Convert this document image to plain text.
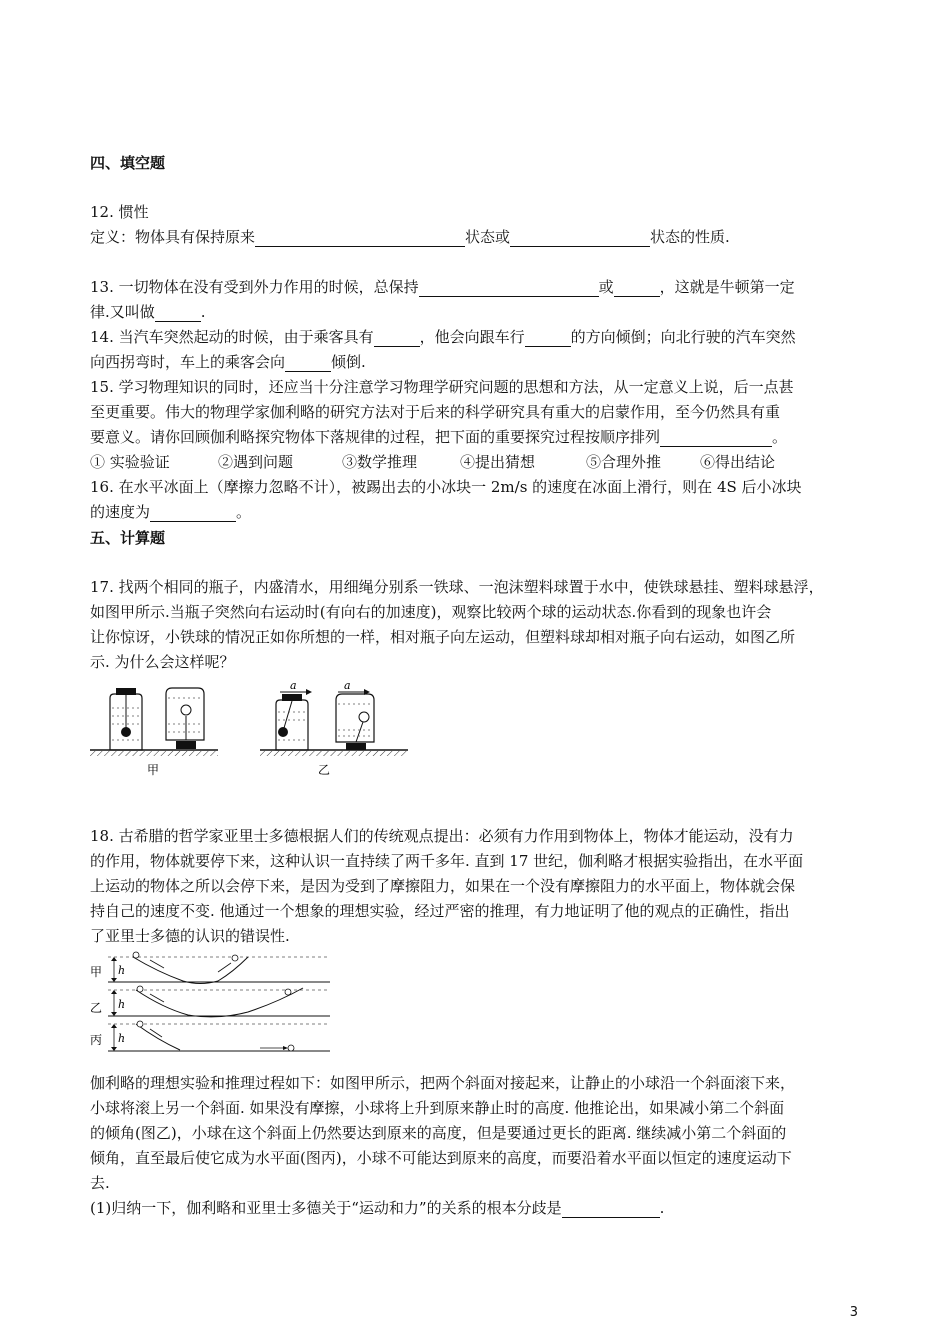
四、填空题
12. 惯性
定义：物体具有保持原来	状态或	状态的性质.
13. 一切物体在没有受到外力作用的时候，总保持	或	，这就是牛顿第一定
律.又叫做	.
14. 当汽车突然起动的时候，由于乘客具有	，他会向跟车行	的方向倾倒；向北行驶的汽车突然
向西拐弯时，车上的乘客会向	倾倒.
15. 学习物理知识的同时，还应当十分注意学习物理学研究问题的思想和方法，从一定意义上说，后一点甚
至更重要。伟大的物理学家伽利略的研究方法对于后来的科学研究具有重大的启蒙作用，至今仍然具有重
要意义。请你回顾伽利略探究物体下落规律的过程，把下面的重要探究过程按顺序排列	。
① 实验验证	②遇到问题	③数学推理	④提出猜想	⑤合理外推	⑥得出结论
16. 在水平冰面上（摩擦力忽略不计），被踢出去的小冰块一 2m/s 的速度在冰面上滑行，则在 4S 后小冰块
的速度为	。
五、计算题
17. 找两个相同的瓶子，内盛清水，用细绳分别系一铁球、一泡沫塑料球置于水中，使铁球悬挂、塑料球悬浮，
如图甲所示.当瓶子突然向右运动时(有向右的加速度)，观察比较两个球的运动状态.你看到的现象也许会
让你惊讶，小铁球的情况正如你所想的一样，相对瓶子向左运动，但塑料球却相对瓶子向右运动，如图乙所
示. 为什么会这样呢？
甲
a	a
乙
18. 古希腊的哲学家亚里士多德根据人们的传统观点提出：必须有力作用到物体上，物体才能运动，没有力
的作用，物体就要停下来，这种认识一直持续了两千多年. 直到 17 世纪，伽利略才根据实验指出，在水平面
上运动的物体之所以会停下来，是因为受到了摩擦阻力，如果在一个没有摩擦阻力的水平面上，物体就会保
持自己的速度不变. 他通过一个想象的理想实验，经过严密的推理，有力地证明了他的观点的正确性，指出
了亚里士多德的认识的错误性.
甲 h
乙 h
丙 h
伽利略的理想实验和推理过程如下：如图甲所示，把两个斜面对接起来，让静止的小球沿一个斜面滚下来，
小球将滚上另一个斜面. 如果没有摩擦，小球将上升到原来静止时的高度. 他推论出，如果减小第二个斜面
的倾角(图乙)，小球在这个斜面上仍然要达到原来的高度，但是要通过更长的距离. 继续减小第二个斜面的
倾角，直至最后使它成为水平面(图丙)，小球不可能达到原来的高度，而要沿着水平面以恒定的速度运动下
去.
(1)归纳一下，伽利略和亚里士多德关于“运动和力”的关系的根本分歧是	.
3
